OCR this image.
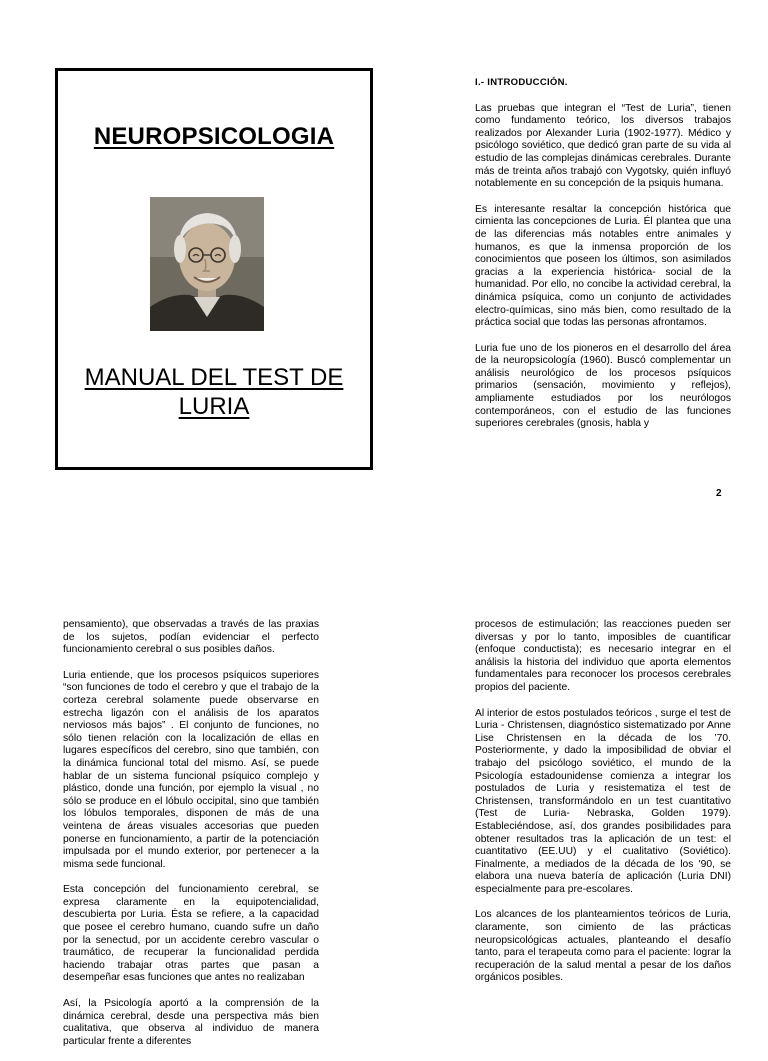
NEUROPSICOLOGIA
MANUAL DEL TEST DE
LURIA
I.- INTRODUCCIÓN.

Las pruebas que integran el “Test de Luria”, tienen como fundamento teórico, los diversos trabajos realizados por Alexander Luria (1902-1977). Médico y psicólogo soviético, que dedicó gran parte de su vida al estudio de las complejas dinámicas cerebrales. Durante más de treinta años trabajó con Vygotsky, quién influyó notablemente en su concepción de la psiquis humana.

Es interesante resaltar la concepción histórica que cimienta las concepciones de Luria. Él plantea que una de las diferencias más notables entre animales y humanos, es que la inmensa proporción de los conocimientos que poseen los últimos, son asimilados gracias a la experiencia histórica- social de la humanidad. Por ello, no concibe la actividad cerebral, la dinámica psíquica, como un conjunto de actividades electro-químicas, sino más bien, como resultado de la práctica social que todas las personas afrontamos.

Luria fue uno de los pioneros en el desarrollo del área de la neuropsicología (1960). Buscó complementar un análisis neurológico de los procesos psíquicos primarios (sensación, movimiento y reflejos), ampliamente estudiados por los neurólogos contemporáneos, con el estudio de las funciones superiores cerebrales (gnosis, habla y

2

pensamiento), que observadas a través de las praxias de los sujetos, podían evidenciar el perfecto funcionamiento cerebral o sus posibles daños.

Luria entiende, que los procesos psíquicos superiores “son funciones de todo el cerebro y que el trabajo de la corteza cerebral solamente puede observarse en estrecha ligazón con el análisis de los aparatos nerviosos más bajos” . El conjunto de funciones, no sólo tienen relación con la localización de ellas en lugares específicos del cerebro, sino que también, con la dinámica funcional total del mismo. Así, se puede hablar de un sistema funcional psíquico complejo y plástico, donde una función, por ejemplo la visual , no sólo se produce en el lóbulo occipital, sino que también los lóbulos temporales, disponen de más de una veintena de áreas visuales accesorias que pueden ponerse en funcionamiento, a partir de la potenciación impulsada por el mundo exterior, por pertenecer a la misma sede funcional.

Esta concepción del funcionamiento cerebral, se expresa claramente en la equipotencialidad, descubierta por Luria. Ésta se refiere, a la capacidad que posee el cerebro humano, cuando sufre un daño por la senectud, por un accidente cerebro vascular o traumático, de recuperar la funcionalidad perdida haciendo trabajar otras partes que pasan a desempeñar esas funciones que antes no realizaban

Así, la Psicología aportó a la comprensión de la dinámica cerebral, desde una perspectiva más bien cualitativa, que observa al individuo de manera particular frente a diferentes

procesos de estimulación; las reacciones pueden ser diversas y por lo tanto, imposibles de cuantificar (enfoque conductista); es necesario integrar en el análisis la historia del individuo que aporta elementos fundamentales para reconocer los procesos cerebrales propios del paciente.

Al interior de estos postulados teóricos , surge el test de Luria - Christensen, diagnóstico sistematizado por Anne Lise Christensen en la década de los ’70. Posteriormente, y dado la imposibilidad de obviar el trabajo del psicólogo soviético, el mundo de la Psicología estadounidense comienza a integrar los postulados de Luria y resistematiza el test de Christensen, transformándolo en un test cuantitativo (Test de Luria- Nebraska, Golden 1979). Estableciéndose, así, dos grandes posibilidades para obtener resultados tras la aplicación de un test: el cuantitativo (EE.UU) y el cualitativo (Soviético). Finalmente, a mediados de la década de los '90, se elabora una nueva batería de aplicación (Luria DNI) especialmente para pre-escolares.

Los alcances de los planteamientos teóricos de Luria, claramente, son cimiento de las prácticas neuropsicológicas actuales, planteando el desafío tanto, para el terapeuta como para el paciente: lograr la recuperación de la salud mental a pesar de los daños orgánicos posibles.
